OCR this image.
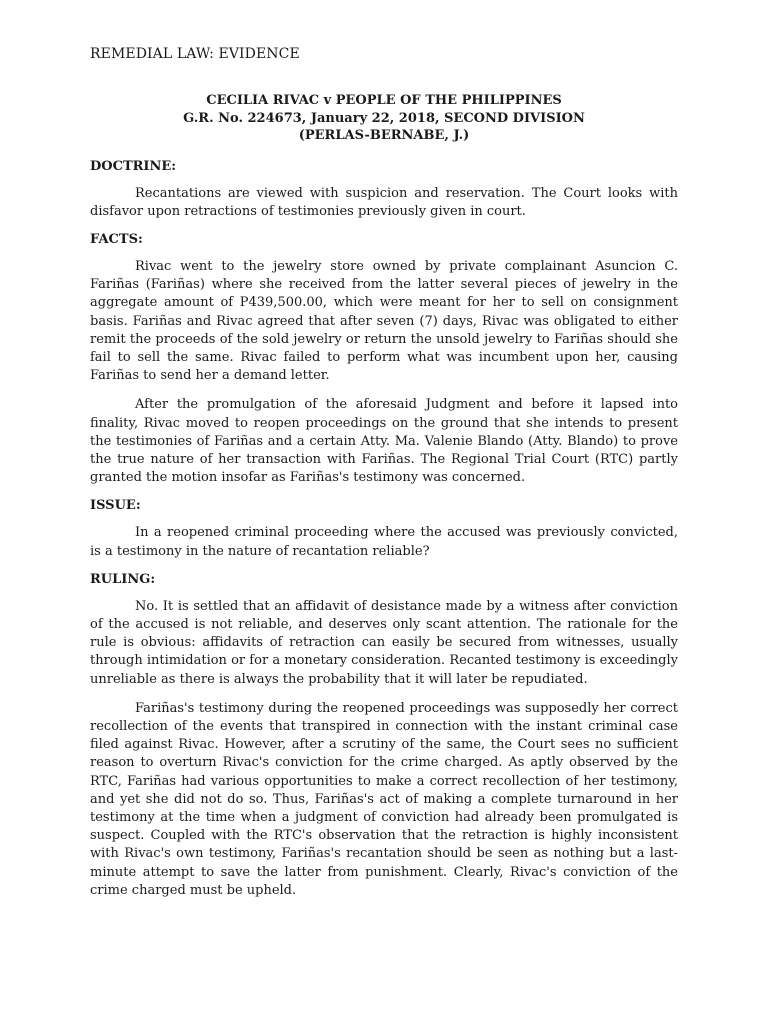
REMEDIAL LAW: EVIDENCE
CECILIA RIVAC v PEOPLE OF THE PHILIPPINES
G.R. No. 224673, January 22, 2018, SECOND DIVISION
(PERLAS-BERNABE, J.)
DOCTRINE:

Recantations are viewed with suspicion and reservation. The Court looks with disfavor upon retractions of testimonies previously given in court.

FACTS:

Rivac went to the jewelry store owned by private complainant Asuncion C. Fariñas (Fariñas) where she received from the latter several pieces of jewelry in the aggregate amount of P439,500.00, which were meant for her to sell on consignment basis. Fariñas and Rivac agreed that after seven (7) days, Rivac was obligated to either remit the proceeds of the sold jewelry or return the unsold jewelry to Fariñas should she fail to sell the same. Rivac failed to perform what was incumbent upon her, causing Fariñas to send her a demand letter.

After the promulgation of the aforesaid Judgment and before it lapsed into finality, Rivac moved to reopen proceedings on the ground that she intends to present the testimonies of Fariñas and a certain Atty. Ma. Valenie Blando (Atty. Blando) to prove the true nature of her transaction with Fariñas. The Regional Trial Court (RTC) partly granted the motion insofar as Fariñas's testimony was concerned.

ISSUE:

In a reopened criminal proceeding where the accused was previously convicted, is a testimony in the nature of recantation reliable?

RULING:

No. It is settled that an affidavit of desistance made by a witness after conviction of the accused is not reliable, and deserves only scant attention. The rationale for the rule is obvious: affidavits of retraction can easily be secured from witnesses, usually through intimidation or for a monetary consideration. Recanted testimony is exceedingly unreliable as there is always the probability that it will later be repudiated.

Fariñas's testimony during the reopened proceedings was supposedly her correct recollection of the events that transpired in connection with the instant criminal case filed against Rivac. However, after a scrutiny of the same, the Court sees no sufficient reason to overturn Rivac's conviction for the crime charged. As aptly observed by the RTC, Fariñas had various opportunities to make a correct recollection of her testimony, and yet she did not do so. Thus, Fariñas's act of making a complete turnaround in her testimony at the time when a judgment of conviction had already been promulgated is suspect. Coupled with the RTC's observation that the retraction is highly inconsistent with Rivac's own testimony, Fariñas's recantation should be seen as nothing but a last-minute attempt to save the latter from punishment. Clearly, Rivac's conviction of the crime charged must be upheld.
